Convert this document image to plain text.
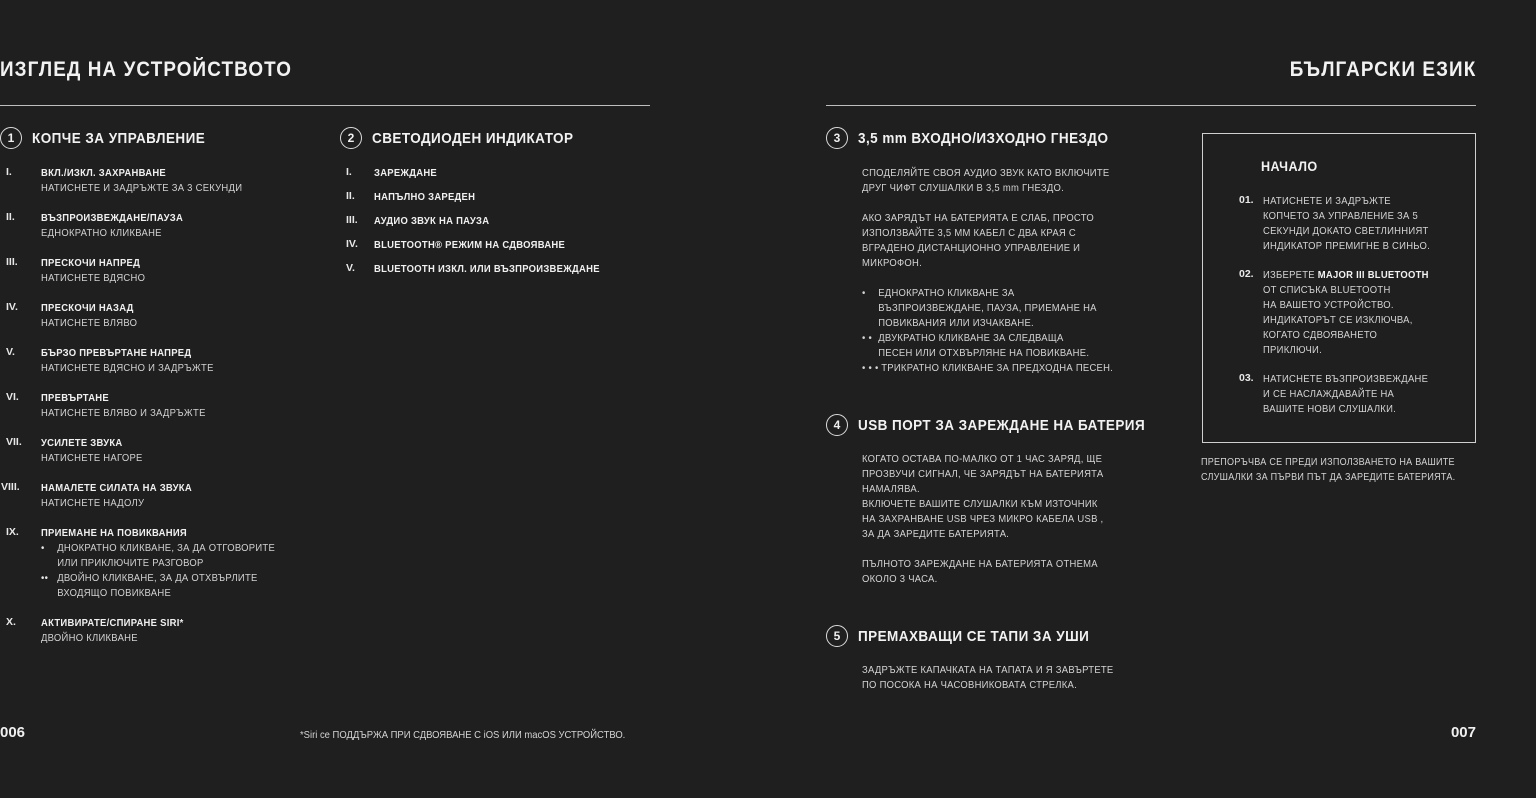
ИЗГЛЕД НА УСТРОЙСТВОТО
1	КОПЧЕ ЗА УПРАВЛЕНИЕ
I.	ВКЛ./ИЗКЛ. ЗАХРАНВАНЕ
НАТИСНЕТЕ И ЗАДРЪЖТЕ ЗА 3 СЕКУНДИ
II.	ВЪЗПРОИЗВЕЖДАНЕ/ПАУЗА
ЕДНОКРАТНО КЛИКВАНЕ
III.	ПРЕСКОЧИ НАПРЕД
НАТИСНЕТЕ ВДЯСНО
IV.	ПРЕСКОЧИ НАЗАД
НАТИСНЕТЕ ВЛЯВО
V.	БЪРЗО ПРЕВЪРТАНЕ НАПРЕД
НАТИСНЕТЕ ВДЯСНО И ЗАДРЪЖТЕ
VI.	ПРЕВЪРТАНЕ
НАТИСНЕТЕ ВЛЯВО И ЗАДРЪЖТЕ
VII.	УСИЛЕТЕ ЗВУКА
НАТИСНЕТЕ НАГОРЕ
VIII.	НАМАЛЕТЕ СИЛАТА НА ЗВУКА
НАТИСНЕТЕ НАДОЛУ
IX.	ПРИЕМАНЕ НА ПОВИКВАНИЯ
•	ДНОКРАТНО КЛИКВАНЕ, ЗА ДА ОТГОВОРИТЕ
ИЛИ ПРИКЛЮЧИТЕ РАЗГОВОР
•• ДВОЙНО КЛИКВАНЕ, ЗА ДА ОТХВЪРЛИТЕ
ВХОДЯЩО ПОВИКВАНЕ
X.	АКТИВИРАТЕ/СПИРАНЕ SIRI*
ДВОЙНО КЛИКВАНЕ
2	СВЕТОДИОДЕН ИНДИКАТОР
I.	ЗАРЕЖДАНЕ
II.	НАПЪЛНО ЗАРЕДЕН
III.	АУДИО ЗВУК НА ПАУЗА
IV.	BLUETOOTH® РЕЖИМ НА СДВОЯВАНЕ
V.	BLUETOOTH ИЗКЛ. ИЛИ ВЪЗПРОИЗВЕЖДАНЕ
006	*Siri се ПОДДЪРЖА ПРИ СДВОЯВАНЕ С iOS ИЛИ macOS УСТРОЙСТВО.
БЪЛГАРСКИ ЕЗИК
3	3,5 mm ВХОДНО/ИЗХОДНО ГНЕЗДО
СПОДЕЛЯЙТЕ СВОЯ АУДИО ЗВУК КАТО ВКЛЮЧИТЕ
ДРУГ ЧИФТ СЛУШАЛКИ В 3,5 mm ГНЕЗДО.
АКО ЗАРЯДЪТ НА БАТЕРИЯТА Е СЛАБ, ПРОСТО
ИЗПОЛЗВАЙТЕ 3,5 ММ КАБЕЛ С ДВА КРАЯ С
ВГРАДЕНО ДИСТАНЦИОННО УПРАВЛЕНИЕ И
МИКРОФОН.
•	ЕДНОКРАТНО КЛИКВАНЕ ЗА
ВЪЗПРОИЗВЕЖДАНЕ, ПАУЗА, ПРИЕМАНЕ НА
ПОВИКВАНИЯ ИЛИ ИЗЧАКВАНЕ.
• • ДВУКРАТНО КЛИКВАНЕ ЗА СЛЕДВАЩА
ПЕСЕН ИЛИ ОТХВЪРЛЯНЕ НА ПОВИКВАНЕ.
• • • ТРИКРАТНО КЛИКВАНЕ ЗА ПРЕДХОДНА ПЕСЕН.
4	USB ПОРТ ЗА ЗАРЕЖДАНЕ НА БАТЕРИЯ
КОГАТО ОСТАВА ПО-МАЛКО ОТ 1 ЧАС ЗАРЯД, ЩЕ
ПРОЗВУЧИ СИГНАЛ, ЧЕ ЗАРЯДЪТ НА БАТЕРИЯТА
НАМАЛЯВА.
ВКЛЮЧЕТЕ ВАШИТЕ СЛУШАЛКИ КЪМ ИЗТОЧНИК
НА ЗАХРАНВАНЕ USB ЧРЕЗ МИКРО КАБЕЛА USB ,
ЗА ДА ЗАРЕДИТЕ БАТЕРИЯТА.
ПЪЛНОТО ЗАРЕЖДАНЕ НА БАТЕРИЯТА ОТНЕМА
ОКОЛО 3 ЧАСА.
5	ПРЕМАХВАЩИ СЕ ТАПИ ЗА УШИ
ЗАДРЪЖТЕ КАПАЧКАТА НА ТАПАТА И Я ЗАВЪРТЕТЕ
ПО ПОСОКА НА ЧАСОВНИКОВАТА СТРЕЛКА.
НАЧАЛО
01. НАТИСНЕТЕ И ЗАДРЪЖТЕ
КОПЧЕТО ЗА УПРАВЛЕНИЕ ЗА 5
СЕКУНДИ ДОКАТО СВЕТЛИННИЯТ
ИНДИКАТОР ПРЕМИГНЕ В СИНЬО.
02. ИЗБЕРЕТЕ MAJOR III BLUETOOTH
ОТ СПИСЪКА BLUETOOTH
НА ВАШЕТО УСТРОЙСТВО.
ИНДИКАТОРЪТ СЕ ИЗКЛЮЧВА,
КОГАТО СДВОЯВАНЕТО
ПРИКЛЮЧИ.
03. НАТИСНЕТЕ ВЪЗПРОИЗВЕЖДАНЕ
И СЕ НАСЛАЖДАВАЙТЕ НА
ВАШИТЕ НОВИ СЛУШАЛКИ.
ПРЕПОРЪЧВА СЕ ПРЕДИ ИЗПОЛЗВАНЕТО НА ВАШИТЕ
СЛУШАЛКИ ЗА ПЪРВИ ПЪТ ДА ЗАРЕДИТЕ БАТЕРИЯТА.
007
